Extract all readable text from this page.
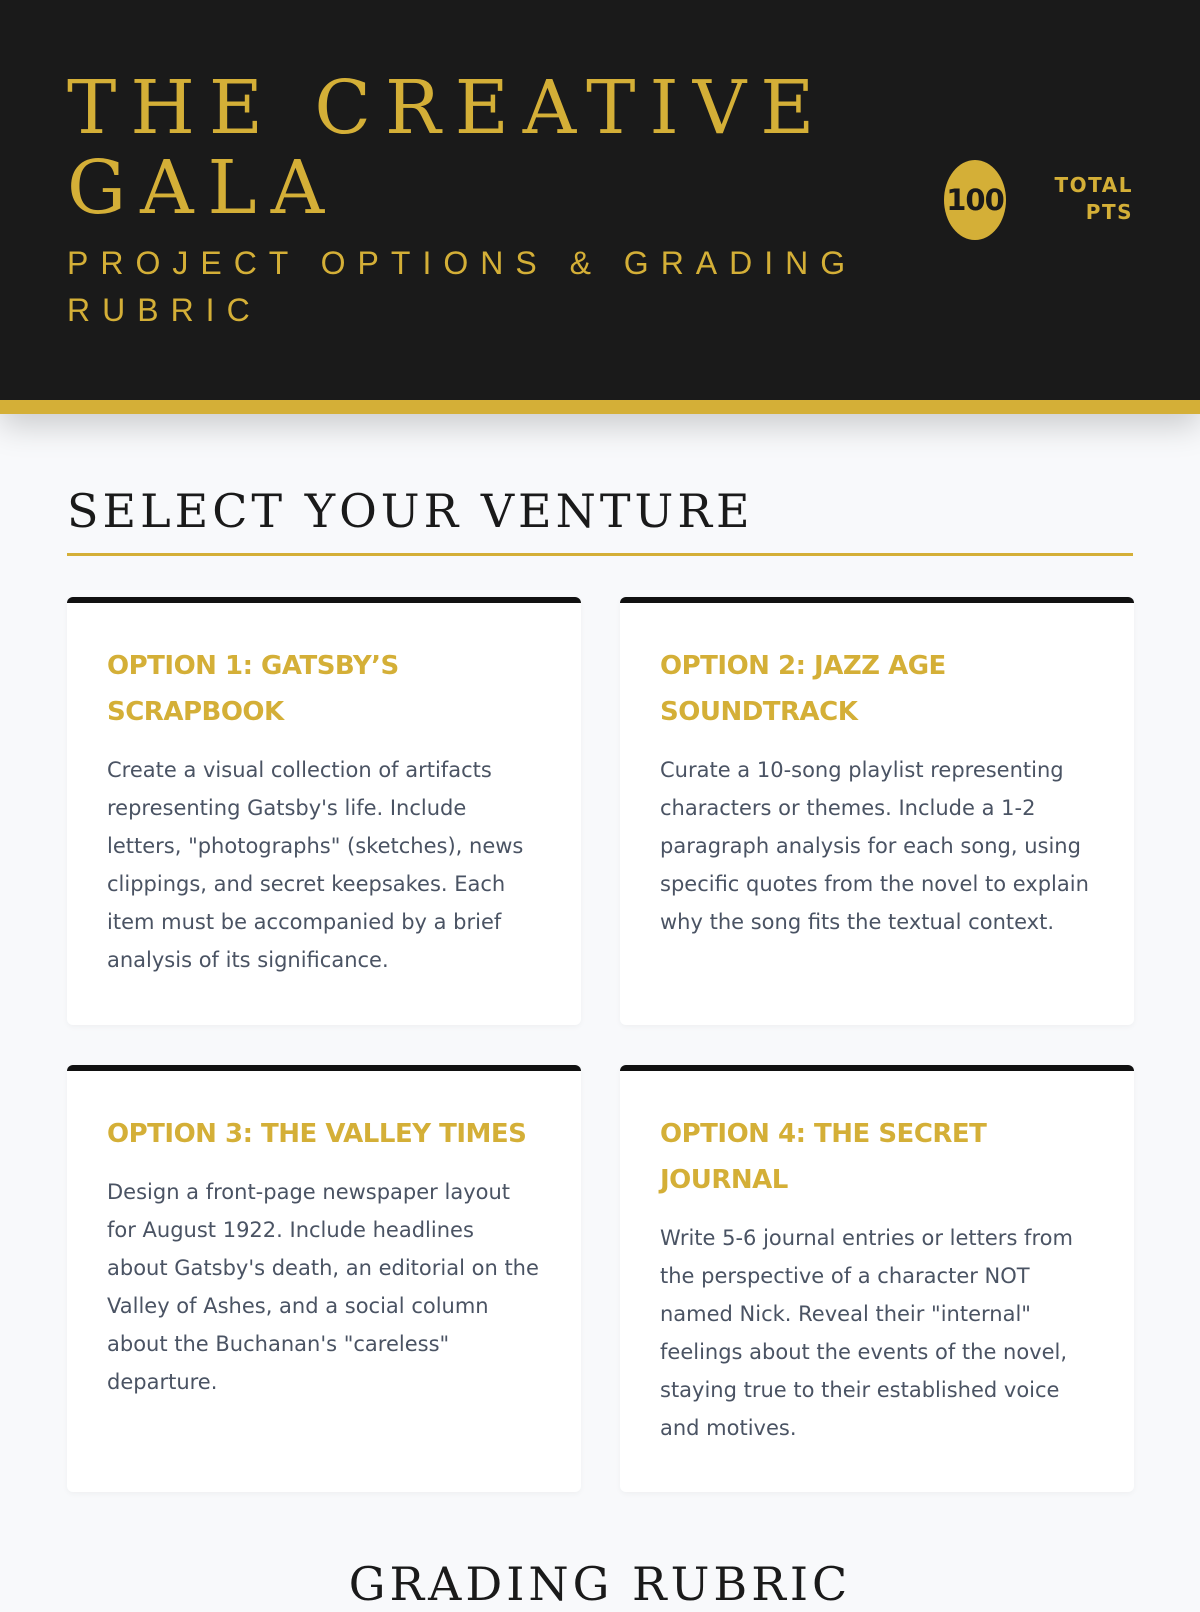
THE CREATIVE GALA
PROJECT OPTIONS & GRADING RUBRIC
100	TOTAL PTS
SELECT YOUR VENTURE
OPTION 1: GATSBY’S SCRAPBOOK

Create a visual collection of artifacts representing Gatsby's life. Include letters, "photographs" (sketches), news clippings, and secret keepsakes. Each item must be accompanied by a brief analysis of its significance.

OPTION 2: JAZZ AGE SOUNDTRACK

Curate a 10-song playlist representing characters or themes. Include a 1-2 paragraph analysis for each song, using specific quotes from the novel to explain why the song fits the textual context.

OPTION 3: THE VALLEY TIMES

Design a front-page newspaper layout for August 1922. Include headlines about Gatsby's death, an editorial on the Valley of Ashes, and a social column about the Buchanan's "careless" departure.

OPTION 4: THE SECRET JOURNAL

Write 5-6 journal entries or letters from the perspective of a character NOT named Nick. Reveal their "internal" feelings about the events of the novel, staying true to their established voice and motives.

GRADING RUBRIC
